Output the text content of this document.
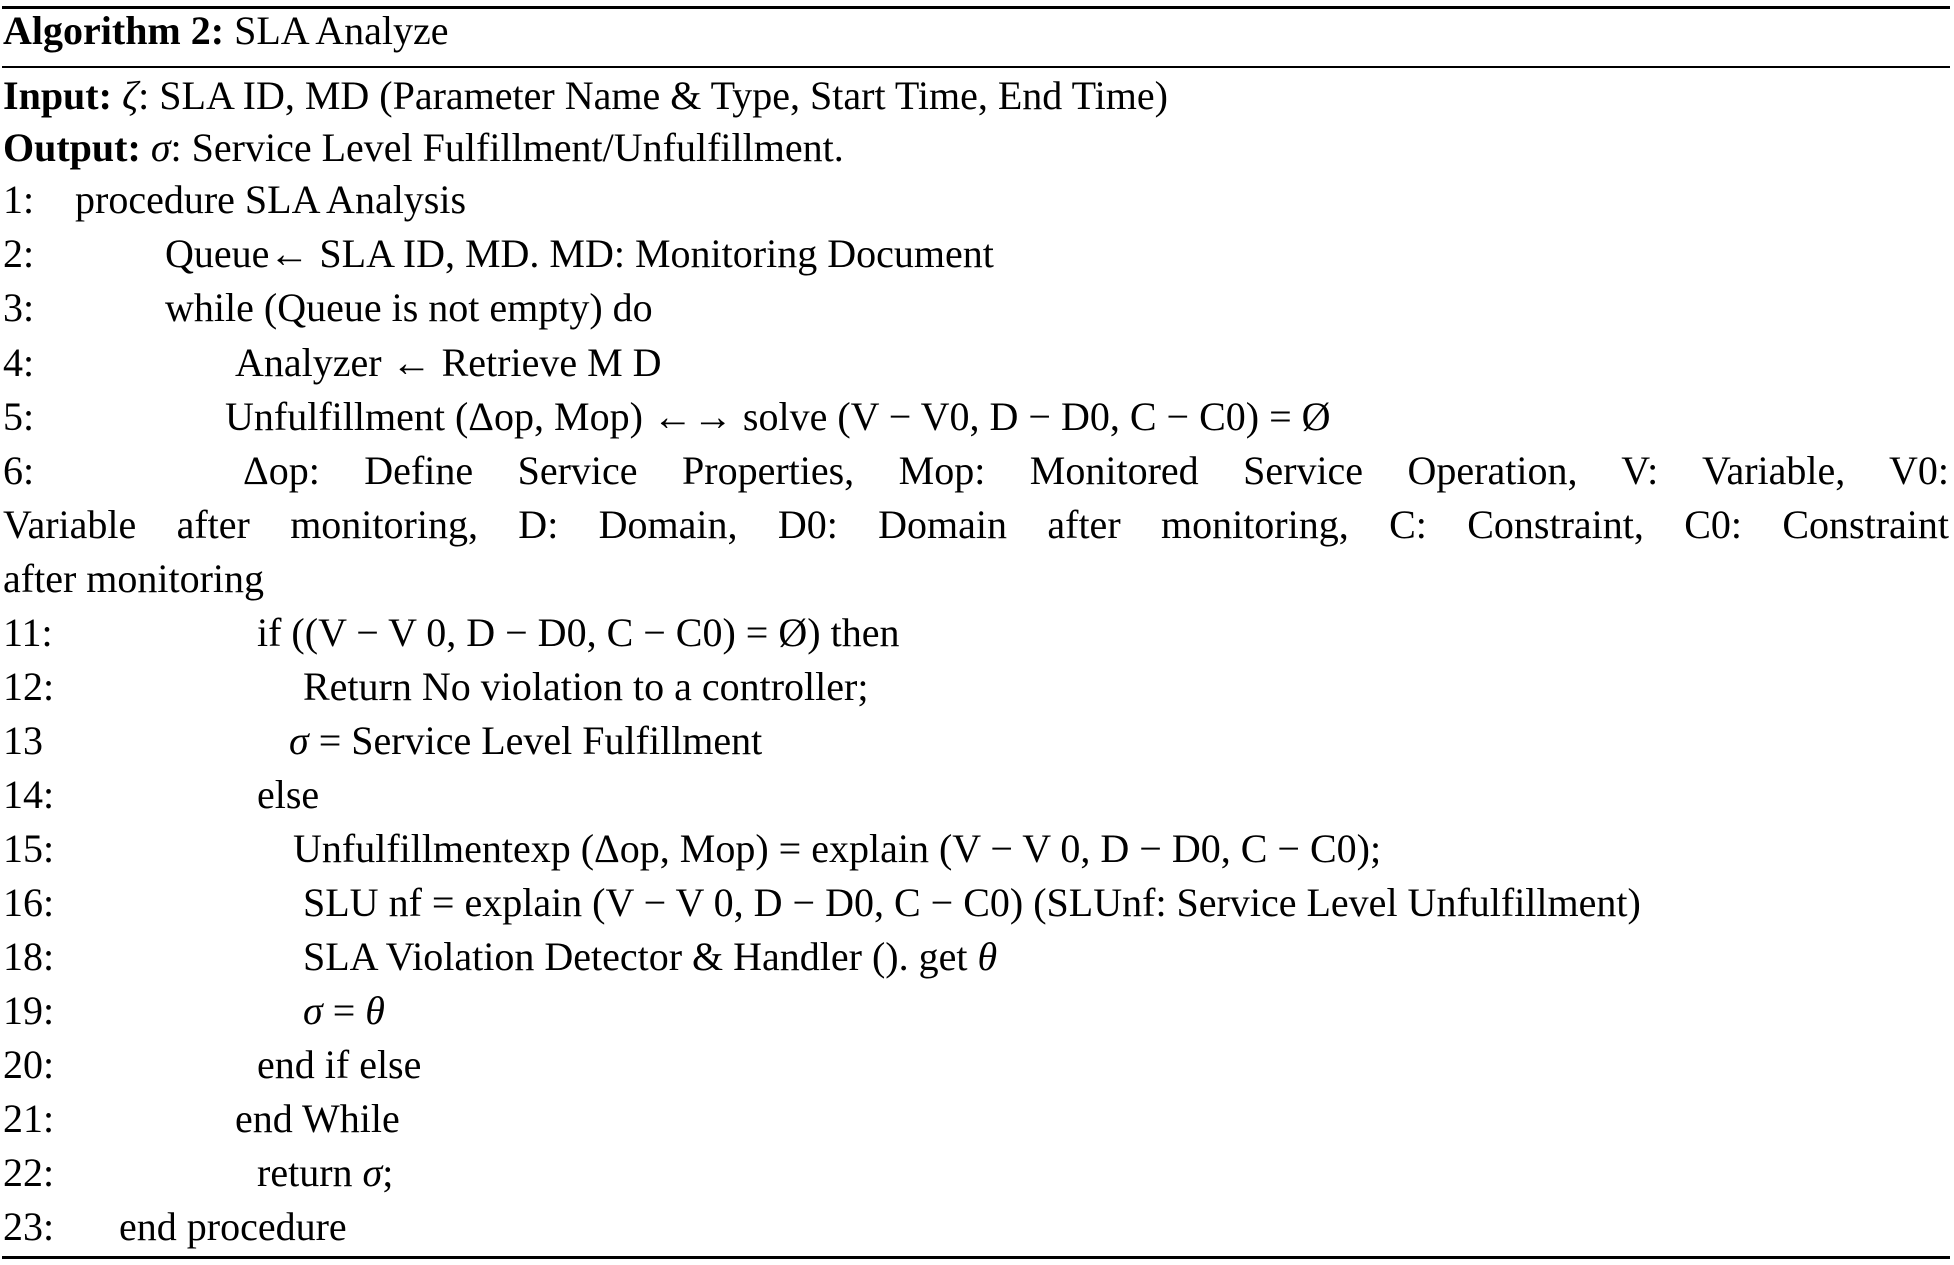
Algorithm 2: SLA Analyze
Input: ζ: SLA ID, MD (Parameter Name & Type, Start Time, End Time)
Output: σ: Service Level Fulfillment/Unfulfillment.
1: procedure SLA Analysis
2:	Queue← SLA ID, MD. MD: Monitoring Document
3:	while (Queue is not empty) do
4:	Analyzer ← Retrieve M D
5:	Unfulfillment (Δop, Mop) ←→ solve (V − V0, D − D0, C − C0) = Ø
6:	Δop: Define Service Properties, Mop: Monitored Service Operation, V: Variable, V0:
Variable after monitoring, D: Domain, D0: Domain after monitoring, C: Constraint, C0: Constraint
after monitoring
11:	if ((V − V 0, D − D0, C − C0) = Ø) then
12:	Return No violation to a controller;
13	σ = Service Level Fulfillment
14:	else
15:	Unfulfillmentexp (Δop, Mop) = explain (V − V 0, D − D0, C − C0);
16:	SLU nf = explain (V − V 0, D − D0, C − C0) (SLUnf: Service Level Unfulfillment)
18:	SLA Violation Detector & Handler (). get θ
19:	σ = θ
20:	end if else
21:	end While
22:	return σ;
23: end procedure
